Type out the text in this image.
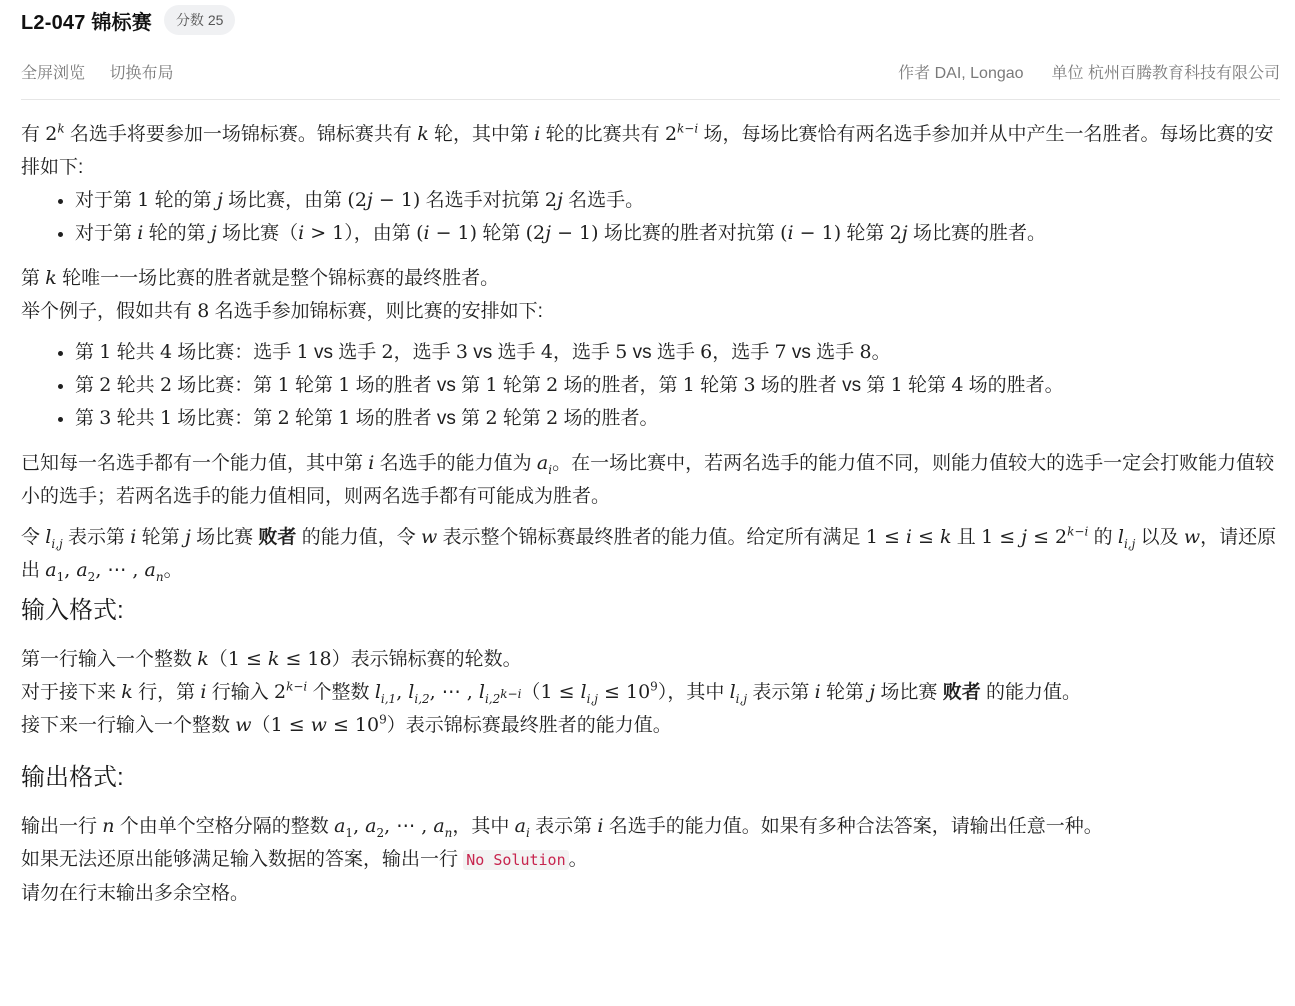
L2-047 锦标赛	分数 25
全屏浏览 切换布局	作者 DAI, Longao 单位 杭州百腾教育科技有限公司

有 2$^k$ 名选手将要参加一场锦标赛。锦标赛共有 k 轮，其中第 i 轮的比赛共有 $2^{k-i}$ 场，每场比赛恰有两名选手参加并从中产生一名胜者。每场比赛的安排如下:

• 对于第 1 轮的第 j 场比赛，由第 (2j − 1) 名选手对抗第 2j 名选手。
• 对于第 i 轮的第 j 场比赛（i > 1），由第 (i − 1) 轮第 (2j − 1) 场比赛的胜者对抗第 (i − 1) 轮第 2j 场比赛的胜者。

第 k 轮唯一一场比赛的胜者就是整个锦标赛的最终胜者。

举个例子，假如共有 8 名选手参加锦标赛，则比赛的安排如下:

• 第 1 轮共 4 场比赛：选手 1 vs 选手 2，选手 3 vs 选手 4，选手 5 vs 选手 6，选手 7 vs 选手 8。
• 第 2 轮共 2 场比赛：第 1 轮第 1 场的胜者 vs 第 1 轮第 2 场的胜者，第 1 轮第 3 场的胜者 vs 第 1 轮第 4 场的胜者。
• 第 3 轮共 1 场比赛：第 2 轮第 1 场的胜者 vs 第 2 轮第 2 场的胜者。

已知每一名选手都有一个能力值，其中第 i 名选手的能力值为 $a_i$。在一场比赛中，若两名选手的能力值不同，则能力值较大的选手一定会打败能力值较小的选手；若两名选手的能力值相同，则两名选手都有可能成为胜者。

令 $l_{i,j}$ 表示第 i 轮第 j 场比赛 败者 的能力值，令 w 表示整个锦标赛最终胜者的能力值。给定所有满足 1 ≤ i ≤ k 且 $1 \le j \le 2^{k-i}$ 的 $l_{i,j}$ 以及 w，请还原出 $a_1$, $a_2$, ⋯ , $a_n$。

输入格式:

第一行输入一个整数 k（1 ≤ k ≤ 18）表示锦标赛的轮数。

对于接下来 k 行，第 i 行输入 $2^{k-i}$ 个整数 $l_{i,1}$, $l_{i,2}$, ⋯ , $l_{i,2^{k-i}}(1 \le l_{i,j} \le 10^9)$，其中 $l_{i,j}$ 表示第 i 轮第 j 场比赛 败者 的能力值。

接下来一行输入一个整数 $w(1 \le w \le 10^9)$表示锦标赛最终胜者的能力值。

输出格式:

输出一行 n 个由单个空格分隔的整数 $a_1$, $a_2$, ⋯ , $a_n$，其中 $a_i$ 表示第 i 名选手的能力值。如果有多种合法答案，请输出任意一种。

如果无法还原出能够满足输入数据的答案，输出一行 No Solution 。

请勿在行末输出多余空格。
